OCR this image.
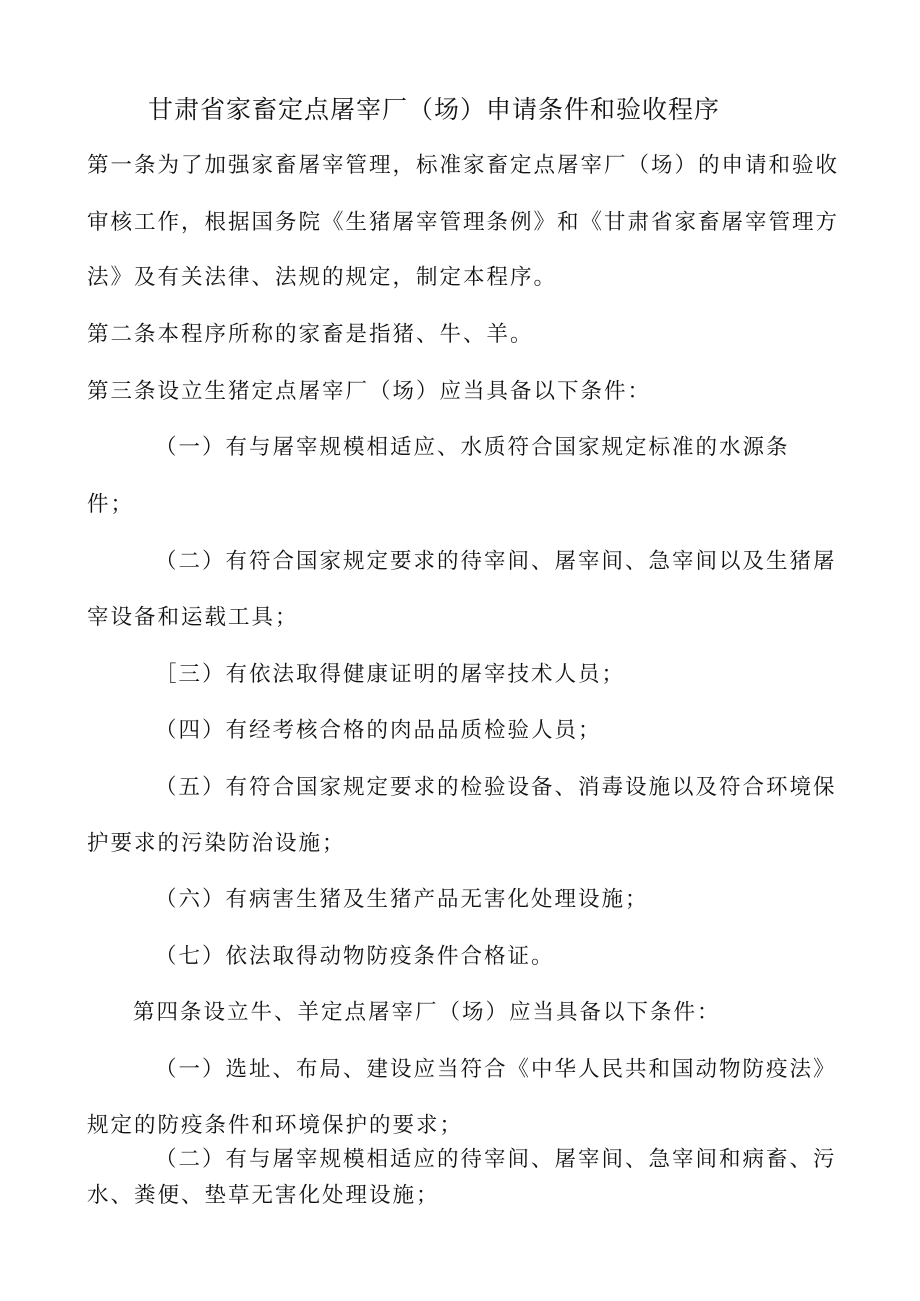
甘肃省家畜定点屠宰厂（场）申请条件和验收程序

第一条为了加强家畜屠宰管理，标准家畜定点屠宰厂（场）的申请和验收

审核工作，根据国务院《生猪屠宰管理条例》和《甘肃省家畜屠宰管理方

法》及有关法律、法规的规定，制定本程序。

第二条本程序所称的家畜是指猪、牛、羊。

第三条设立生猪定点屠宰厂（场）应当具备以下条件：

（一）有与屠宰规模相适应、水质符合国家规定标准的水源条

件；

（二）有符合国家规定要求的待宰间、屠宰间、急宰间以及生猪屠

宰设备和运载工具；

［三）有依法取得健康证明的屠宰技术人员；

（四）有经考核合格的肉品品质检验人员；

（五）有符合国家规定要求的检验设备、消毒设施以及符合环境保

护要求的污染防治设施；

（六）有病害生猪及生猪产品无害化处理设施；

（七）依法取得动物防疫条件合格证。

第四条设立牛、羊定点屠宰厂（场）应当具备以下条件：

（一）选址、布局、建设应当符合《中华人民共和国动物防疫法》

规定的防疫条件和环境保护的要求；

（二）有与屠宰规模相适应的待宰间、屠宰间、急宰间和病畜、污

水、粪便、垫草无害化处理设施；
